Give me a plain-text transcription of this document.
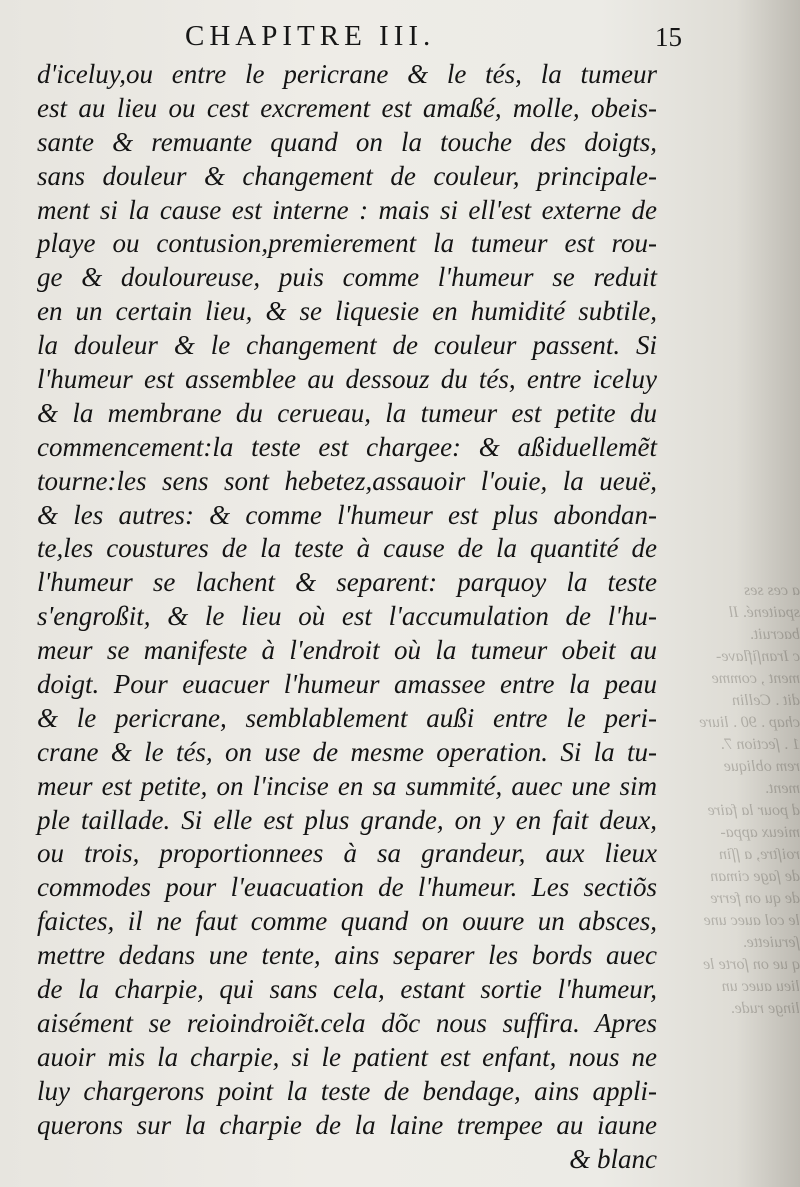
a ces ses
spaitené. Il
bacruit.
c Iranſiflave-
ment , comme
dit . Cellin
chap . 90 . liure
1 . ſection 7.
rem oblique
ment.
d pour la faire
mieux appa-
roiſtre, a ſſin
de ſage ciman
de qu on ferre
le col auec une
ſeruiette.
q ue on ſorte le
lieu auec un
linge rude.
CHAPITRE III.	15
d'iceluy,ou entre le pericrane & le tés, la tumeur
est au lieu ou cest excrement est amaßé, molle, obeis-
sante & remuante quand on la touche des doigts,
sans douleur & changement de couleur, principale-
ment si la cause est interne : mais si ell'est externe de
playe ou contusion,premierement la tumeur est rou-
ge & douloureuse, puis comme l'humeur se reduit
en un certain lieu, & se liquesie en humidité subtile,
la douleur & le changement de couleur passent. Si
l'humeur est assemblee au dessouz du tés, entre iceluy
& la membrane du cerueau, la tumeur est petite du
commencement:la teste est chargee: & aßiduellemẽt
tourne:les sens sont hebetez,assauoir l'ouie, la ueuë,
& les autres: & comme l'humeur est plus abondan-
te,les coustures de la teste à cause de la quantité de
l'humeur se lachent & separent: parquoy la teste
s'engroßit, & le lieu où est l'accumulation de l'hu-
meur se manifeste à l'endroit où la tumeur obeit au
doigt. Pour euacuer l'humeur amassee entre la peau
& le pericrane, semblablement außi entre le peri-
crane & le tés, on use de mesme operation. Si la tu-
meur est petite, on l'incise en sa summité, auec une sim
ple taillade. Si elle est plus grande, on y en fait deux,
ou trois, proportionnees à sa grandeur, aux lieux
commodes pour l'euacuation de l'humeur. Les sectiõs
faictes, il ne faut comme quand on ouure un absces,
mettre dedans une tente, ains separer les bords auec
de la charpie, qui sans cela, estant sortie l'humeur,
aisément se reioindroiẽt.cela dõc nous suffira. Apres
auoir mis la charpie, si le patient est enfant, nous ne
luy chargerons point la teste de bendage, ains appli-
querons sur la charpie de la laine trempee au iaune
& blanc
